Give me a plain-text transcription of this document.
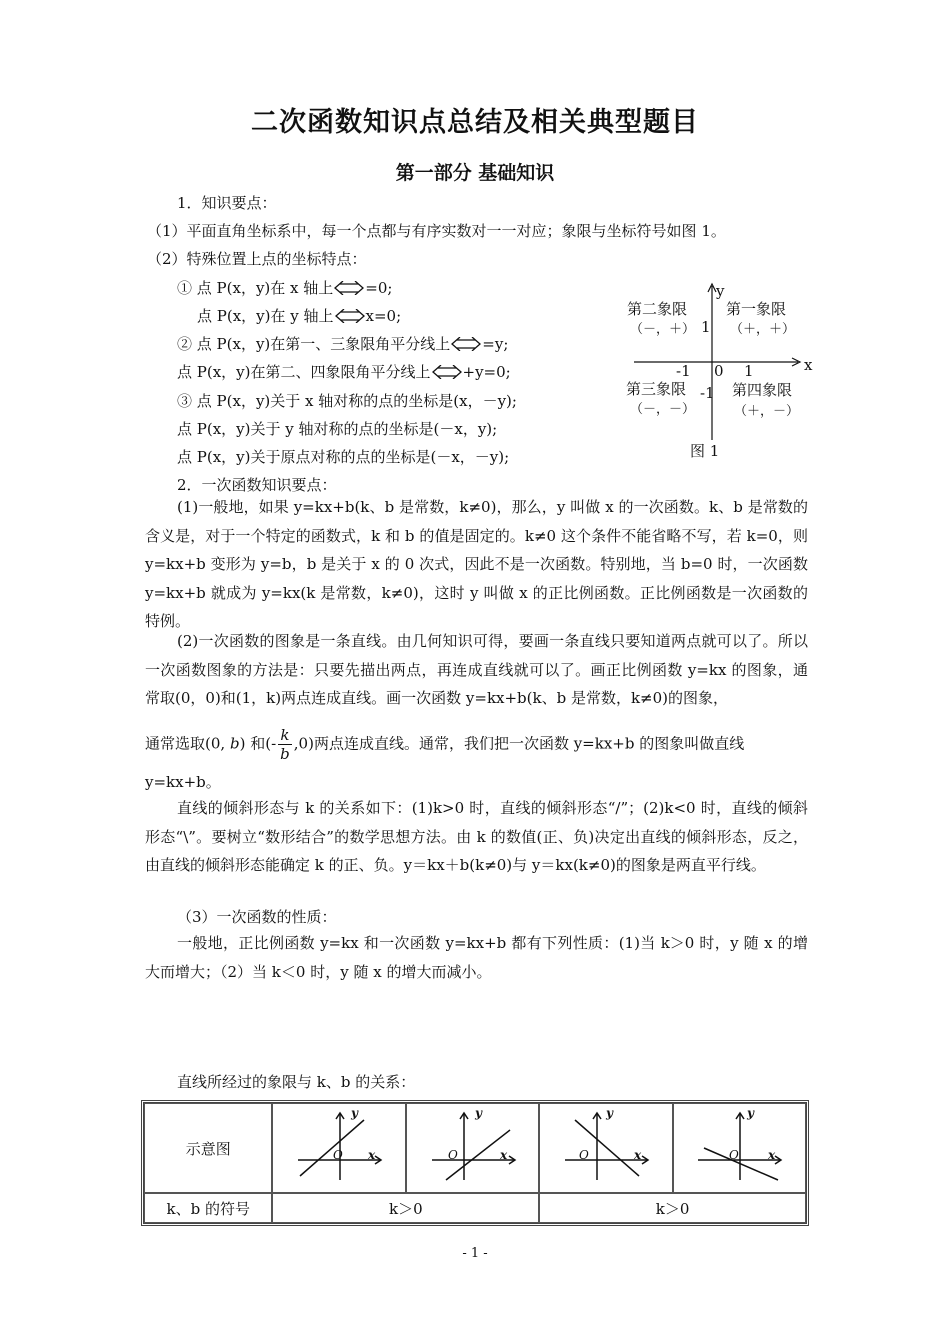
二次函数知识点总结及相关典型题目
第一部分 基础知识
1．知识要点：
（1）平面直角坐标系中，每一个点都与有序实数对一一对应；象限与坐标符号如图 1。
（2）特殊位置上点的坐标特点：
① 点 P(x，y)在 x 轴上 =0;
点 P(x，y)在 y 轴上 x=0;
② 点 P(x，y)在第一、三象限角平分线上 =y;
点 P(x，y)在第二、四象限角平分线上 +y=0;
③ 点 P(x，y)关于 x 轴对称的点的坐标是(x，－y);
点 P(x，y)关于 y 轴对称的点的坐标是(－x，y);
点 P(x，y)关于原点对称的点的坐标是(－x，－y);
y
x
第二象限
（－，＋）
第一象限
（＋，＋）
1
-1 0 1
第三象限 -1 第四象限
（－，－）	（＋，－）
图 1
2．一次函数知识要点：
(1)一般地，如果 y=kx+b(k、b 是常数，k≠0)，那么，y 叫做 x 的一次函数。k、b 是常数的含义是，对于一个特定的函数式，k 和 b 的值是固定的。k≠0 这个条件不能省略不写，若 k=0，则 y=kx+b 变形为 y=b，b 是关于 x 的 0 次式，因此不是一次函数。特别地，当 b=0 时，一次函数 y=kx+b 就成为 y=kx(k 是常数，k≠0)，这时 y 叫做 x 的正比例函数。正比例函数是一次函数的特例。
(2)一次函数的图象是一条直线。由几何知识可得，要画一条直线只要知道两点就可以了。所以一次函数图象的方法是：只要先描出两点，再连成直线就可以了。画正比例函数 y=kx 的图象，通常取(0，0)和(1，k)两点连成直线。画一次函数 y=kx+b(k、b 是常数，k≠0)的图象，
通常选取(0, b) 和(- $\frac{k}{b} ,0$)两点连成直线。通常，我们把一次函数 y=kx+b 的图象叫做直线
y=kx+b。
直线的倾斜形态与 k 的关系如下：(1)k>0 时，直线的倾斜形态“/”；(2)k<0 时，直线的倾斜形态“\”。要树立“数形结合”的数学思想方法。由 k 的数值(正、负)决定出直线的倾斜形态，反之，由直线的倾斜形态能确定 k 的正、负。y＝kx＋b(k≠0)与 y＝kx(k≠0)的图象是两直平行线。
（3）一次函数的性质：
一般地，正比例函数 y=kx 和一次函数 y=kx+b 都有下列性质：(1)当 k＞0 时，y 随 x 的增大而增大；（2）当 k＜0 时，y 随 x 的增大而减小。
直线所经过的象限与 k、b 的关系：
示意图				
k、b 的符号	k＞0		k＞0	
y
x
O
y
x
O
y
x
O
y
x
O
- 1 -
